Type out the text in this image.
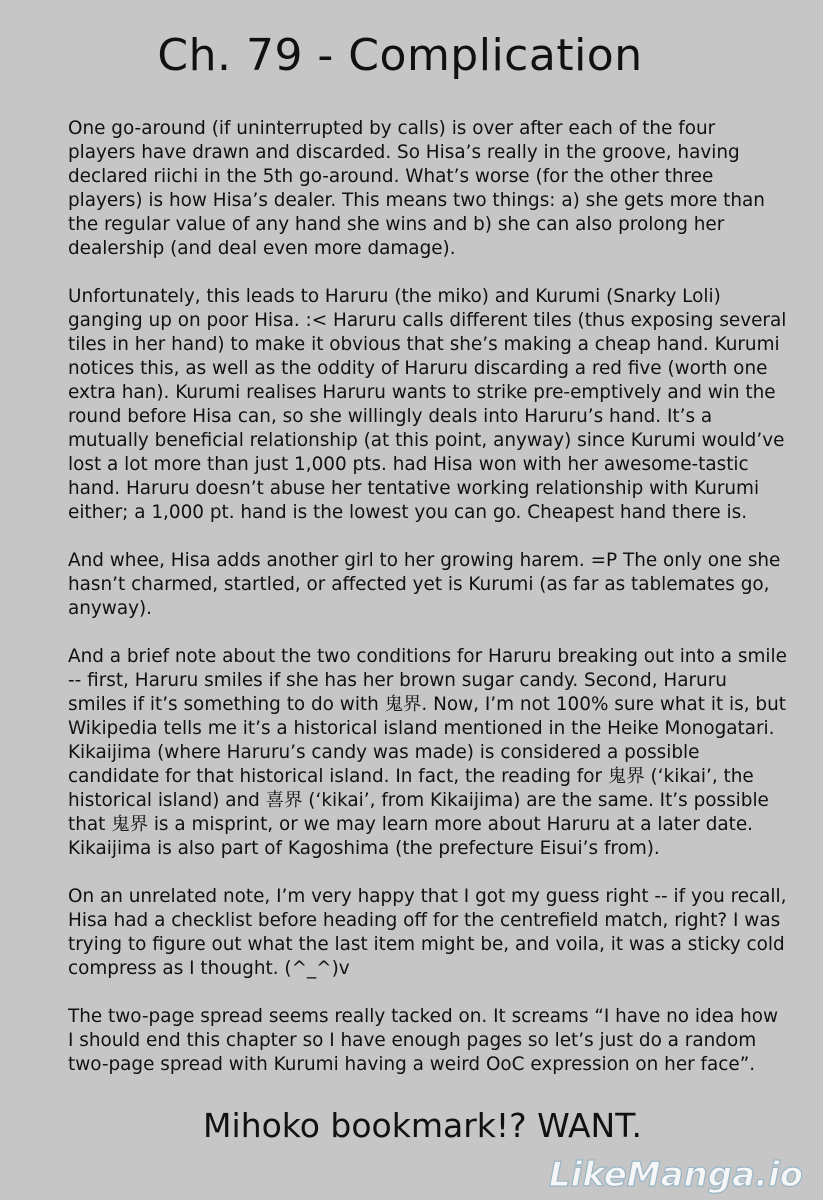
Ch. 79 - Complication

One go-around (if uninterrupted by calls) is over after each of the four players have drawn and discarded. So Hisa’s really in the groove, having declared riichi in the 5th go-around. What’s worse (for the other three players) is how Hisa’s dealer. This means two things: a) she gets more than the regular value of any hand she wins and b) she can also prolong her dealership (and deal even more damage).

Unfortunately, this leads to Haruru (the miko) and Kurumi (Snarky Loli) ganging up on poor Hisa. :< Haruru calls different tiles (thus exposing several tiles in her hand) to make it obvious that she’s making a cheap hand. Kurumi notices this, as well as the oddity of Haruru discarding a red five (worth one extra han). Kurumi realises Haruru wants to strike pre-emptively and win the round before Hisa can, so she willingly deals into Haruru’s hand. It’s a mutually beneficial relationship (at this point, anyway) since Kurumi would’ve lost a lot more than just 1,000 pts. had Hisa won with her awesome-tastic hand. Haruru doesn’t abuse her tentative working relationship with Kurumi either; a 1,000 pt. hand is the lowest you can go. Cheapest hand there is.

And whee, Hisa adds another girl to her growing harem. =P The only one she hasn’t charmed, startled, or affected yet is Kurumi (as far as tablemates go, anyway).

And a brief note about the two conditions for Haruru breaking out into a smile -- first, Haruru smiles if she has her brown sugar candy. Second, Haruru smiles if it’s something to do with 鬼界. Now, I’m not 100% sure what it is, but Wikipedia tells me it’s a historical island mentioned in the Heike Monogatari. Kikaijima (where Haruru’s candy was made) is considered a possible candidate for that historical island. In fact, the reading for 鬼界 (‘kikai’, the historical island) and 喜界 (‘kikai’, from Kikaijima) are the same. It’s possible that 鬼界 is a misprint, or we may learn more about Haruru at a later date. Kikaijima is also part of Kagoshima (the prefecture Eisui’s from).

On an unrelated note, I’m very happy that I got my guess right -- if you recall, Hisa had a checklist before heading off for the centrefield match, right? I was trying to figure out what the last item might be, and voila, it was a sticky cold compress as I thought. (^_^)v

The two-page spread seems really tacked on. It screams “I have no idea how I should end this chapter so I have enough pages so let’s just do a random two-page spread with Kurumi having a weird OoC expression on her face”.

Mihoko bookmark!? WANT.

LikeManga.io
